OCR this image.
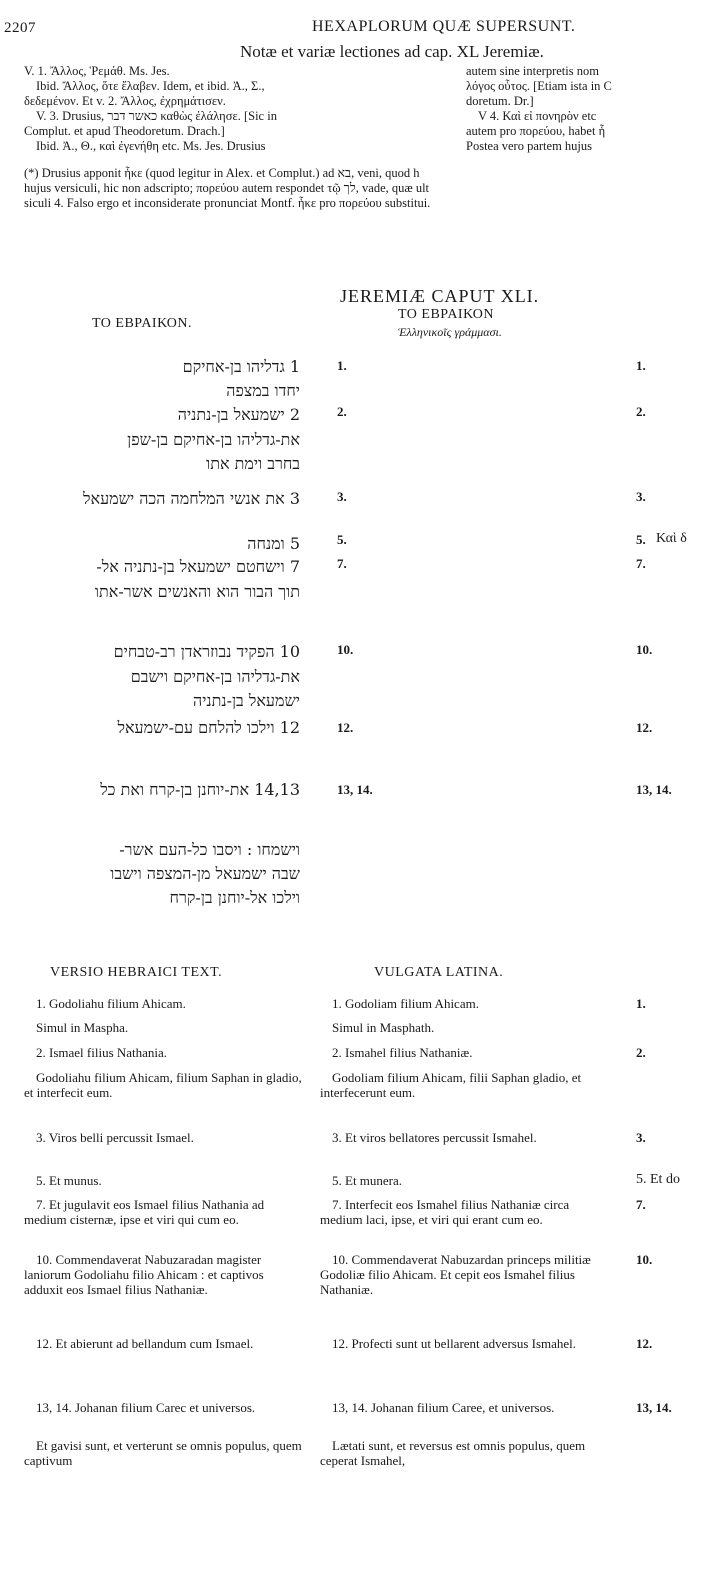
2207	HEXAPLORUM QUÆ SUPERSUNT.
Notæ et variæ lectiones ad cap. XL Jeremiæ.
V. 1. Ἄλλος, Ῥεμάθ. Ms. Jes.
Ibid. Ἄλλος, ὅτε ἔλαβεν. Idem, et ibid. Ἀ., Σ.,
δεδεμένον. Et v. 2. Ἄλλος, ἐχρημάτισεν.
V. 3. Drusius, כאשר דבר καθὼς ἐλάλησε. [Sic in
Complut. et apud Theodoretum. Drach.]
Ibid. Ἀ., Θ., καὶ ἐγενήθη etc. Ms. Jes. Drusius
autem sine interpretis nom
λόγος οὗτος. [Etiam ista in C
doretum. Dr.]
V 4. Καὶ εἰ πονηρὸν etc
autem pro πορεύου, habet ἧ
Postea vero partem hujus
(*) Drusius apponit ἧκε (quod legitur in Alex. et Complut.) ad בא, veni, quod h
hujus versiculi, hic non adscripto; πορεύου autem respondet τῷ לך, vade, quæ ult
siculi 4. Falso ergo et inconsiderate pronunciat Montf. ἧκε pro πορεύου substitui.
JEREMIÆ CAPUT XLI.
ΤΟ ΕΒΡΑΙΚΟΝ.
ΤΟ ΕΒΡΑΙΚΟΝ
Ἑλληνικοῖς γράμμασι.
1 גדליהו בן-אחיקם
יחדו במצפה
2 ישמעאל בן-נתניה
את-גדליהו בן-אחיקם בן-שפן
בחרב וימת אתו
3 את אנשי המלחמה הכה ישמעאל
5 ומנחה
7 וישחטם ישמעאל בן-נתניה אל-
תוך הבור הוא והאנשים אשר-אתו
10 הפקיד נבוזראדן רב-טבחים
את-גדליהו בן-אחיקם וישבם
ישמעאל בן-נתניה
12 וילכו להלחם עם-ישמעאל
14,13 את-יוחנן בן-קרח ואת כל
וישמחו : ויסבו כל-העם אשר-
שבה ישמעאל מן-המצפה וישבו
וילכו אל-יוחנן בן-קרח
1.
2.
3.
5.
7.
10.
12.
13, 14.
1.
2.
3.
5. Καὶ δ
7.
10.
12.
13, 14.
VERSIO HEBRAICI TEXT.
1. Godoliahu filium Ahicam.
Simul in Maspha.
2. Ismael filius Nathania.
Godoliahu filium Ahicam, filium Saphan in gladio, et interfecit eum.
3. Viros belli percussit Ismael.
5. Et munus.
7. Et jugulavit eos Ismael filius Nathania ad medium cisternæ, ipse et viri qui cum eo.
10. Commendaverat Nabuzaradan magister laniorum Godoliahu filio Ahicam : et captivos adduxit eos Ismael filius Nathaniæ.
12. Et abierunt ad bellandum cum Ismael.
13, 14. Johanan filium Carec et universos.
Et gavisi sunt, et verterunt se omnis populus, quem captivum
VULGATA LATINA.
1. Godoliam filium Ahicam.
Simul in Masphath.
2. Ismahel filius Nathaniæ.
Godoliam filium Ahicam, filii Saphan gladio, et interfecerunt eum.
3. Et viros bellatores percussit Ismahel.
5. Et munera.
7. Interfecit eos Ismahel filius Nathaniæ circa medium laci, ipse, et viri qui erant cum eo.
10. Commendaverat Nabuzardan princeps militiæ Godoliæ filio Ahicam. Et cepit eos Ismahel filius Nathaniæ.
12. Profecti sunt ut bellarent adversus Ismahel.
13, 14. Johanan filium Caree, et universos.
Lætati sunt, et reversus est omnis populus, quem ceperat Ismahel,
1.
2.
3.
5. Et do
7.
10.
12.
13, 14.
